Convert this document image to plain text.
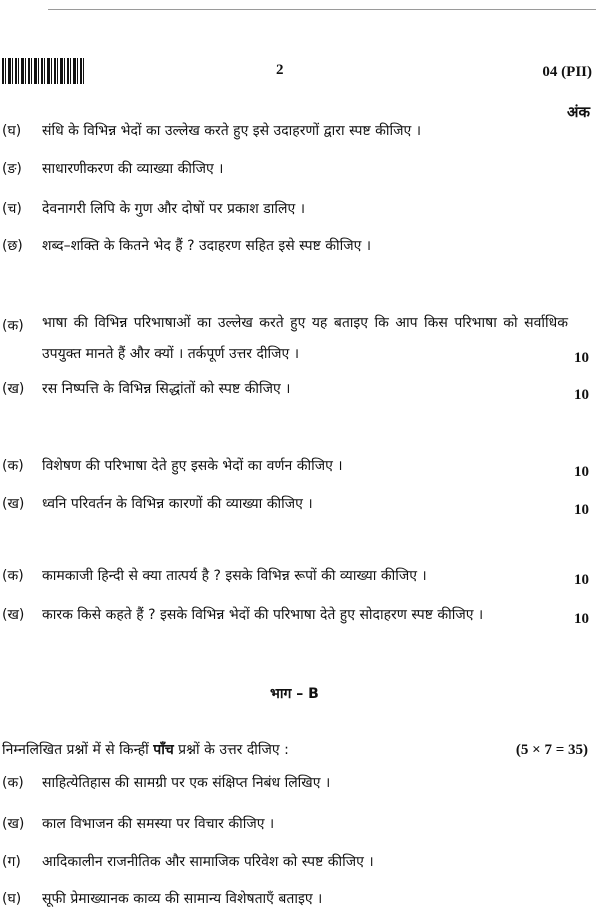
2	04 (PII)
अंक
(घ)	संधि के विभिन्न भेदों का उल्लेख करते हुए इसे उदाहरणों द्वारा स्पष्ट कीजिए ।
(ङ)	साधारणीकरण की व्याख्या कीजिए ।
(च)	देवनागरी लिपि के गुण और दोषों पर प्रकाश डालिए ।
(छ)	शब्द–शक्ति के कितने भेद हैं ? उदाहरण सहित इसे स्पष्ट कीजिए ।
(क)	भाषा की विभिन्न परिभाषाओं का उल्लेख करते हुए यह बताइए कि आप किस परिभाषा को सर्वाधिक उपयुक्त मानते हैं और क्यों । तर्कपूर्ण उत्तर दीजिए ।	10
(ख)	रस निष्पत्ति के विभिन्न सिद्धांतों को स्पष्ट कीजिए ।	10
(क)	विशेषण की परिभाषा देते हुए इसके भेदों का वर्णन कीजिए ।	10
(ख)	ध्वनि परिवर्तन के विभिन्न कारणों की व्याख्या कीजिए ।	10
(क)	कामकाजी हिन्दी से क्या तात्पर्य है ? इसके विभिन्न रूपों की व्याख्या कीजिए ।	10
(ख)	कारक किसे कहते हैं ? इसके विभिन्न भेदों की परिभाषा देते हुए सोदाहरण स्पष्ट कीजिए ।	10
भाग – B
निम्नलिखित प्रश्नों में से किन्हीं पाँच प्रश्नों के उत्तर दीजिए :	(5 × 7 = 35)
(क)	साहित्येतिहास की सामग्री पर एक संक्षिप्त निबंध लिखिए ।
(ख)	काल विभाजन की समस्या पर विचार कीजिए ।
(ग)	आदिकालीन राजनीतिक और सामाजिक परिवेश को स्पष्ट कीजिए ।
(घ)	सूफी प्रेमाख्यानक काव्य की सामान्य विशेषताएँ बताइए ।
